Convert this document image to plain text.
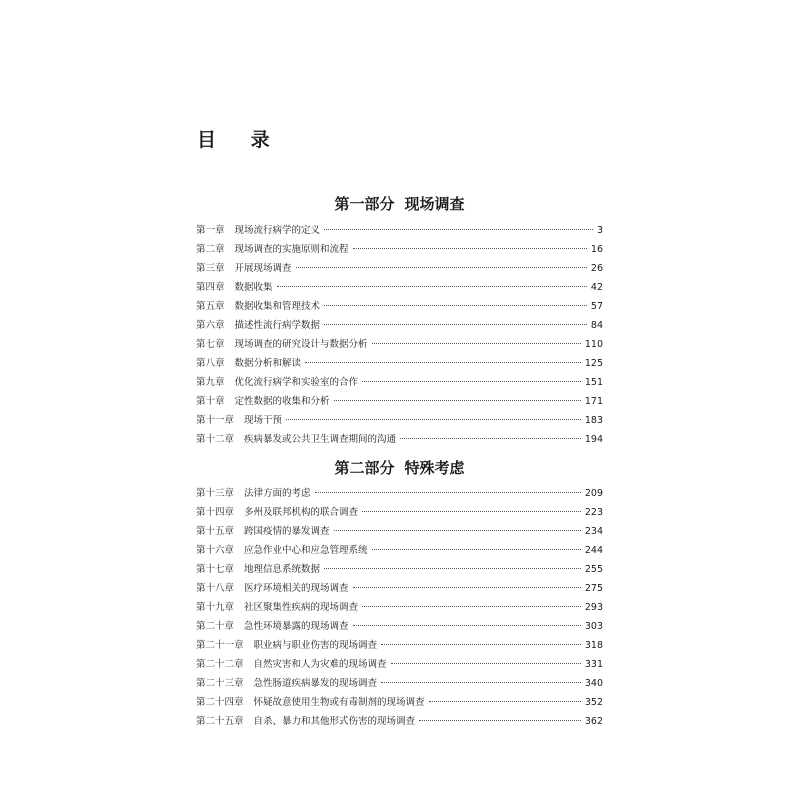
目 录
第一部分 现场调查
第一章 现场流行病学的定义	3
第二章 现场调查的实施原则和流程	16
第三章 开展现场调查	26
第四章 数据收集	42
第五章 数据收集和管理技术	57
第六章 描述性流行病学数据	84
第七章 现场调查的研究设计与数据分析	110
第八章 数据分析和解读	125
第九章 优化流行病学和实验室的合作	151
第十章 定性数据的收集和分析	171
第十一章 现场干预	183
第十二章 疾病暴发或公共卫生调查期间的沟通	194
第二部分 特殊考虑
第十三章 法律方面的考虑	209
第十四章 多州及联邦机构的联合调查	223
第十五章 跨国疫情的暴发调查	234
第十六章 应急作业中心和应急管理系统	244
第十七章 地理信息系统数据	255
第十八章 医疗环境相关的现场调查	275
第十九章 社区聚集性疾病的现场调查	293
第二十章 急性环境暴露的现场调查	303
第二十一章 职业病与职业伤害的现场调查	318
第二十二章 自然灾害和人为灾难的现场调查	331
第二十三章 急性肠道疾病暴发的现场调查	340
第二十四章 怀疑故意使用生物或有毒制剂的现场调查	352
第二十五章 自杀、暴力和其他形式伤害的现场调查	362
